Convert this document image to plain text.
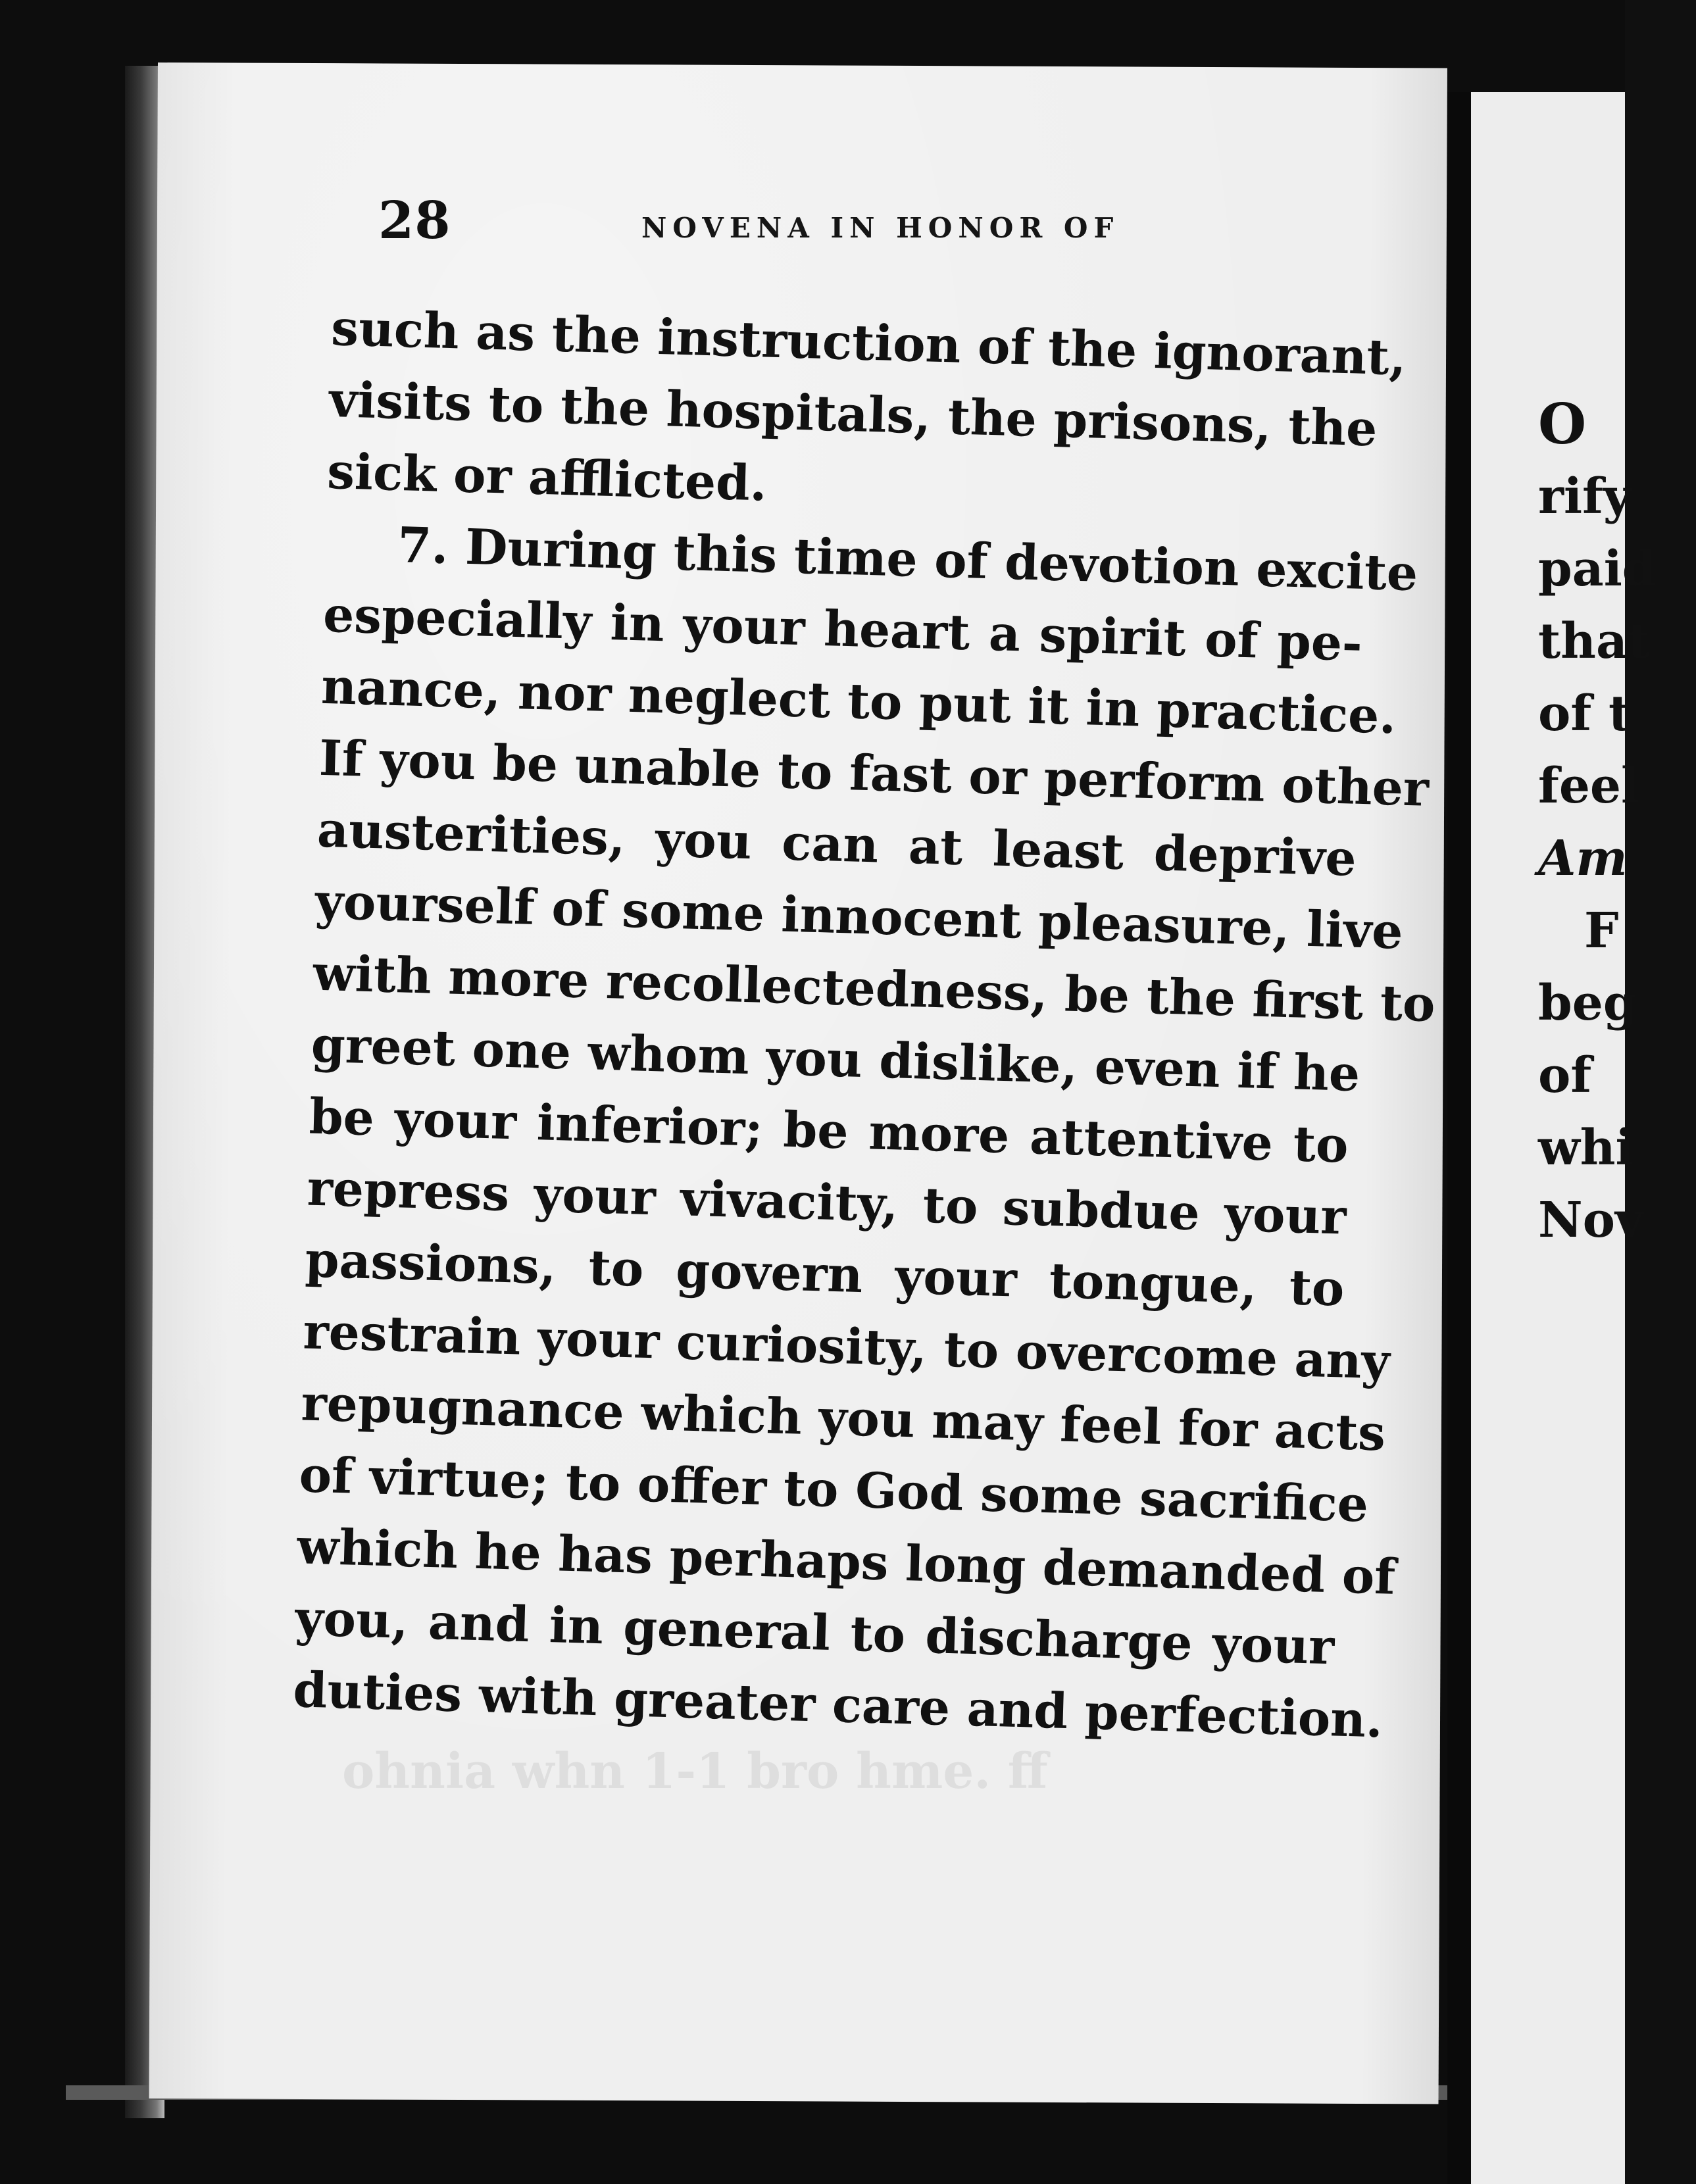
ohnia whn 1-1 bro hme. ff
28	NOVENA IN HONOR OF
such as the instruction of the ignorant,
visits to the hospitals, the prisons, the
sick or afflicted.
7. During this time of devotion excite
especially in your heart a spirit of pe-
nance, nor neglect to put it in practice.
If you be unable to fast or perform other
austerities, you can at least deprive
yourself of some innocent pleasure, live
with more recollectedness, be the first to
greet one whom you dislike, even if he
be your inferior; be more attentive to
repress your vivacity, to subdue your
passions, to govern your tongue, to
restrain your curiosity, to overcome any
repugnance which you may feel for acts
of virtue; to offer to God some sacrifice
which he has perhaps long demanded of
you, and in general to discharge your
duties with greater care and perfection.
O
rify
paid
that
of t
feel
Am
F
beg
of
whi
Nov
